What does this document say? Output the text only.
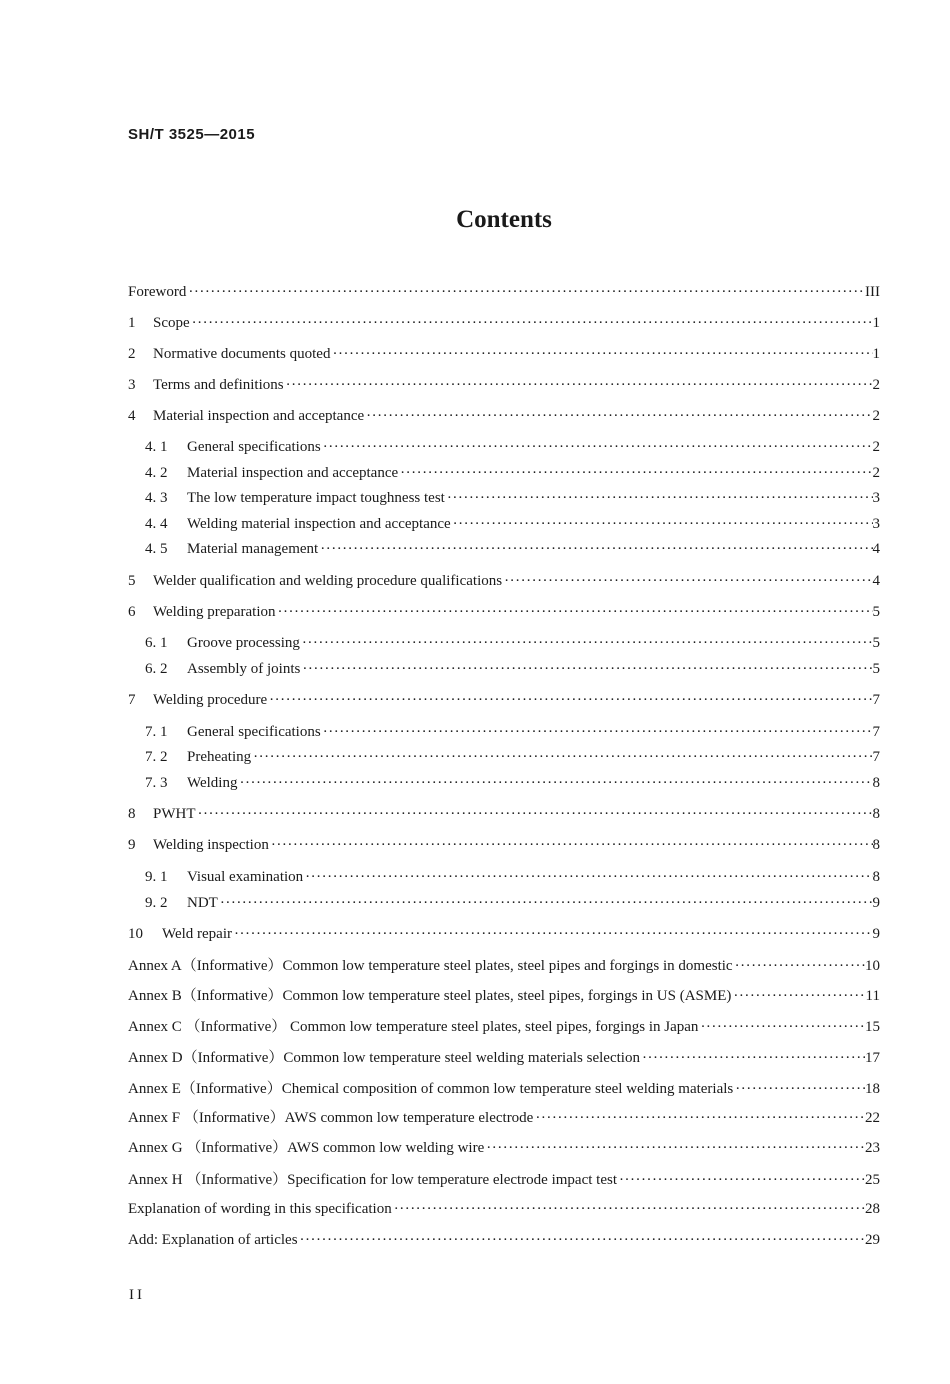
SH/T 3525—2015
Contents
Foreword ·····	III
1	Scope ·····	1
2	Normative documents quoted ·····	1
3	Terms and definitions ·····	2
4	Material inspection and acceptance ·····	2
4. 1	General specifications ·····	2
4. 2	Material inspection and acceptance ·····	2
4. 3	The low temperature impact toughness test ·····	3
4. 4	Welding material inspection and acceptance ·····	3
4. 5	Material management ·····	4
5	Welder qualification and welding procedure qualifications ·····	4
6	Welding preparation ·····	5
6. 1	Groove processing ·····	5
6. 2	Assembly of joints ·····	5
7	Welding procedure ·····	7
7. 1	General specifications ·····	7
7. 2	Preheating ·····	7
7. 3	Welding ·····	8
8	PWHT ·····	8
9	Welding inspection ·····	8
9. 1	Visual examination ·····	8
9. 2	NDT ·····	9
10	Weld repair ·····	9
Annex A（Informative）Common low temperature steel plates, steel pipes and forgings in domestic ·····	10
Annex B（Informative）Common low temperature steel plates, steel pipes, forgings in US (ASME) ·····	11
Annex C （Informative） Common low temperature steel plates, steel pipes, forgings in Japan ·····	15
Annex D（Informative）Common low temperature steel welding materials selection ·····	17
Annex E（Informative）Chemical composition of common low temperature steel welding materials ·····	18
Annex F （Informative）AWS common low temperature electrode ·····	22
Annex G （Informative）AWS common low welding wire ·····	23
Annex H （Informative）Specification for low temperature electrode impact test ·····	25
Explanation of wording in this specification ·····	28
Add: Explanation of articles ·····	29
II
